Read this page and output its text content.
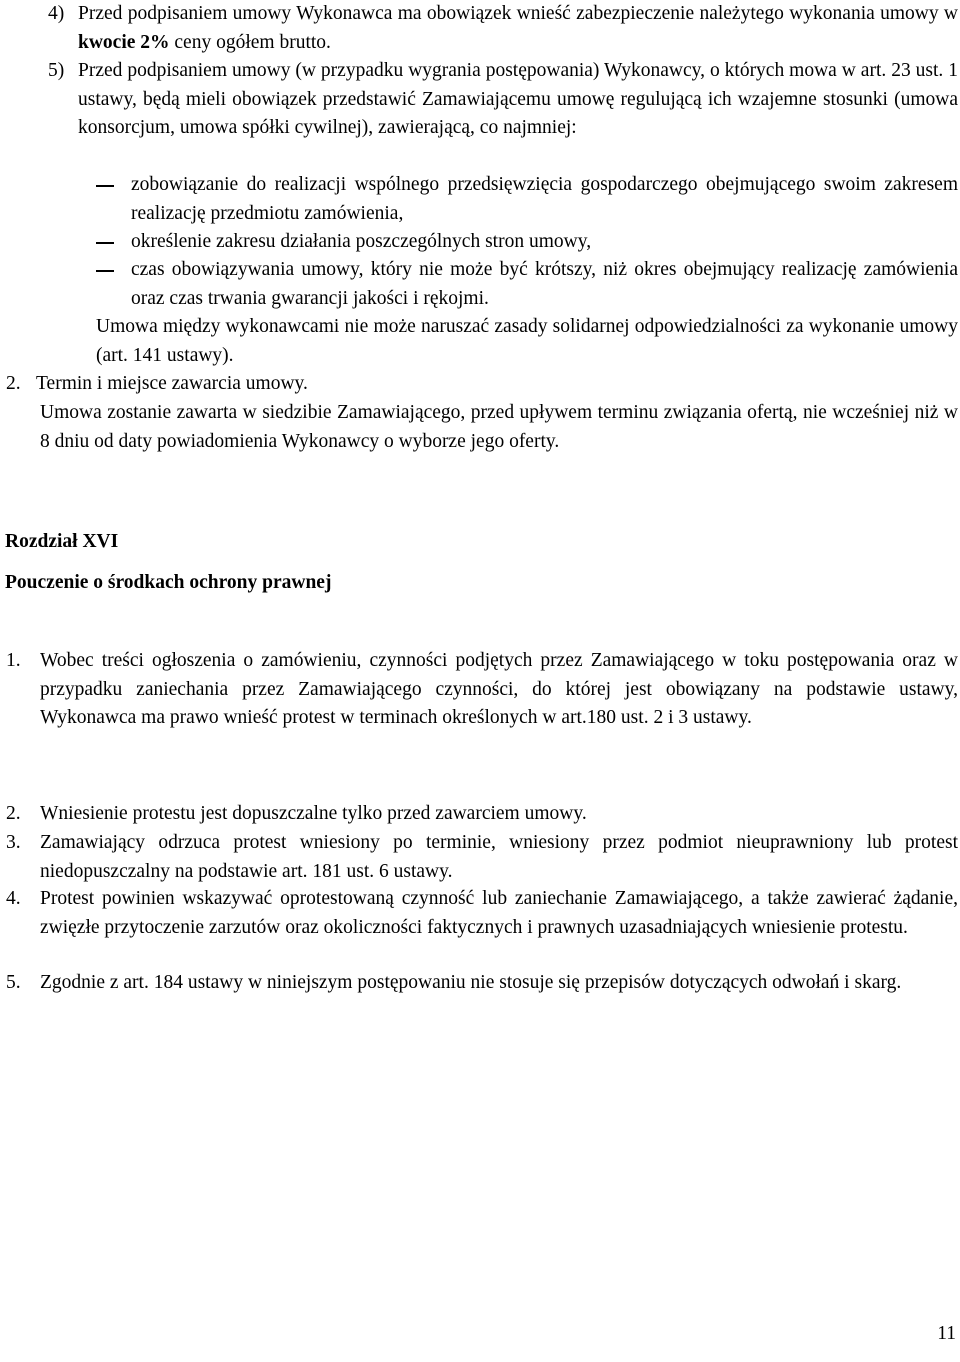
4) Przed podpisaniem umowy Wykonawca ma obowiązek wnieść zabezpieczenie należytego wykonania umowy w kwocie 2% ceny ogółem brutto.
5) Przed podpisaniem umowy (w przypadku wygrania postępowania) Wykonawcy, o których mowa w art. 23 ust. 1 ustawy, będą mieli obowiązek przedstawić Zamawiającemu umowę regulującą ich wzajemne stosunki (umowa konsorcjum, umowa spółki cywilnej), zawierającą, co najmniej:
zobowiązanie do realizacji wspólnego przedsięwzięcia gospodarczego obejmującego swoim zakresem realizację przedmiotu zamówienia,
określenie zakresu działania poszczególnych stron umowy,
czas obowiązywania umowy, który nie może być krótszy, niż okres obejmujący realizację zamówienia oraz czas trwania gwarancji jakości i rękojmi.
Umowa między wykonawcami nie może naruszać zasady solidarnej odpowiedzialności za wykonanie umowy (art. 141 ustawy).
2. Termin i miejsce zawarcia umowy.
Umowa zostanie zawarta w siedzibie Zamawiającego, przed upływem terminu związania ofertą, nie wcześniej niż w 8 dniu od daty powiadomienia Wykonawcy o wyborze jego oferty.
Rozdział XVI
Pouczenie o środkach ochrony prawnej
1. Wobec treści ogłoszenia o zamówieniu, czynności podjętych przez Zamawiającego w toku postępowania oraz w przypadku zaniechania przez Zamawiającego czynności, do której jest obowiązany na podstawie ustawy, Wykonawca ma prawo wnieść protest w terminach określonych w art.180 ust. 2 i 3 ustawy.
2. Wniesienie protestu jest dopuszczalne tylko przed zawarciem umowy.
3. Zamawiający odrzuca protest wniesiony po terminie, wniesiony przez podmiot nieuprawniony lub protest niedopuszczalny na podstawie art. 181 ust. 6 ustawy.
4. Protest powinien wskazywać oprotestowaną czynność lub zaniechanie Zamawiającego, a także zawierać żądanie, zwięzłe przytoczenie zarzutów oraz okoliczności faktycznych i prawnych uzasadniających wniesienie protestu.
5. Zgodnie z art. 184 ustawy w niniejszym postępowaniu nie stosuje się przepisów dotyczących odwołań i skarg.
11
